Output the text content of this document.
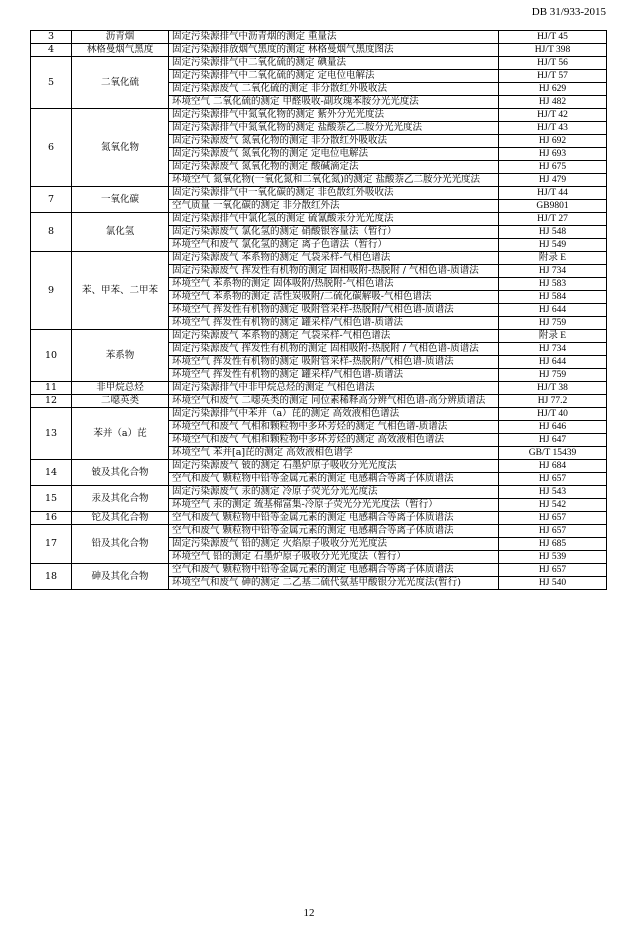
DB 31/933-2015
3	沥青烟	固定污染源排气中沥青烟的测定 重量法	HJ/T 45
4	林格曼烟气黑度	固定污染源排放烟气黑度的测定 林格曼烟气黑度图法	HJ/T 398
5	二氧化硫	固定污染源排气中二氧化硫的测定 碘量法	HJ/T 56
		固定污染源排气中二氧化硫的测定 定电位电解法	HJ/T 57
		固定污染源废气 二氧化硫的测定 非分散红外吸收法	HJ 629
		环境空气 二氧化硫的测定 甲醛吸收-副玫瑰苯胺分光光度法	HJ 482
6	氮氧化物	固定污染源排气中氮氧化物的测定 紫外分光光度法	HJ/T 42
		固定污染源排气中氮氧化物的测定 盐酸萘乙二胺分光光度法	HJ/T 43
		固定污染源废气 氮氧化物的测定 非分散红外吸收法	HJ 692
		固定污染源废气 氮氧化物的测定 定电位电解法	HJ 693
		固定污染源废气 氮氧化物的测定 酸碱滴定法	HJ 675
		环境空气 氮氧化物(一氧化氮和二氧化氮)的测定 盐酸萘乙二胺分光光度法	HJ 479
7	一氧化碳	固定污染源排气中一氧化碳的测定 非色散红外吸收法	HJ/T 44
		空气质量 一氧化碳的测定 非分散红外法	GB9801
8	氯化氢	固定污染源排气中氯化氢的测定 硫氰酸汞分光光度法	HJ/T 27
		固定污染源废气 氯化氢的测定 硝酸银容量法（暂行）	HJ 548
		环境空气和废气 氯化氢的测定 离子色谱法（暂行）	HJ 549
9	苯、甲苯、二甲苯	固定污染源废气 苯系物的测定 气袋采样-气相色谱法	附录 E
		固定污染源废气 挥发性有机物的测定 固相吸附-热脱附 / 气相色谱-质谱法	HJ 734
		环境空气 苯系物的测定 固体吸附/热脱附-气相色谱法	HJ 583
		环境空气 苯系物的测定 活性炭吸附/二硫化碳解吸-气相色谱法	HJ 584
		环境空气 挥发性有机物的测定 吸附管采样-热脱附/气相色谱-质谱法	HJ 644
		环境空气 挥发性有机物的测定 罐采样/气相色谱-质谱法	HJ 759
10	苯系物	固定污染源废气 苯系物的测定 气袋采样-气相色谱法	附录 E
		固定污染源废气 挥发性有机物的测定 固相吸附-热脱附 / 气相色谱-质谱法	HJ 734
		环境空气 挥发性有机物的测定 吸附管采样-热脱附/气相色谱-质谱法	HJ 644
		环境空气 挥发性有机物的测定 罐采样/气相色谱-质谱法	HJ 759
11	非甲烷总烃	固定污染源排气中非甲烷总烃的测定 气相色谱法	HJ/T 38
12	二噁英类	环境空气和废气 二噁英类的测定 同位素稀释高分辨气相色谱-高分辨质谱法	HJ 77.2
13	苯并（a）芘	固定污染源排气中苯并（a）芘的测定 高效液相色谱法	HJ/T 40
		环境空气和废气 气相和颗粒物中多环芳烃的测定 气相色谱-质谱法	HJ 646
		环境空气和废气 气相和颗粒物中多环芳烃的测定 高效液相色谱法	HJ 647
		环境空气 苯并[a]芘的测定 高效液相色谱学	GB/T 15439
14	铍及其化合物	固定污染源废气 铍的测定 石墨炉原子吸收分光光度法	HJ 684
		空气和废气 颗粒物中铅等金属元素的测定 电感耦合等离子体质谱法	HJ 657
15	汞及其化合物	固定污染源废气 汞的测定 冷原子荧光分光光度法	HJ 543
		环境空气 汞的测定 巯基棉富集-冷原子荧光分光光度法（暂行）	HJ 542
16	铊及其化合物	空气和废气 颗粒物中铅等金属元素的测定 电感耦合等离子体质谱法	HJ 657
17	铅及其化合物	空气和废气 颗粒物中铅等金属元素的测定 电感耦合等离子体质谱法	HJ 657
		固定污染源废气 铅的测定 火焰原子吸收分光光度法	HJ 685
		环境空气 铅的测定 石墨炉原子吸收分光光度法（暂行）	HJ 539
18	砷及其化合物	空气和废气 颗粒物中铅等金属元素的测定 电感耦合等离子体质谱法	HJ 657
		环境空气和废气 砷的测定 二乙基二硫代氨基甲酸银分光光度法(暂行)	HJ 540
12
